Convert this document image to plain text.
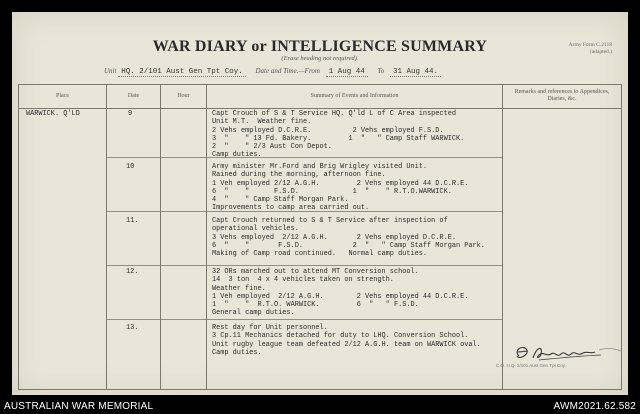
WAR DIARY or INTELLIGENCE SUMMARY
(Erase heading not required).
Army Form C.2118
(adapted.)
Unit HQ. 2/101 Aust Gen Tpt Coy. Date and Time.—From 1 Aug 44 To 31 Aug 44.
Place	Date	Hour	Summary of Events and Information
Remarks and references to Appendices, Diaries, &c.
WARWICK. Q'LD	9	Capt Crouch of S & T Service HQ. Q'ld L of C Area inspected
Unit M.T.  Weather fine.
2 Vehs employed D.C.R.E.          2 Vehs employed F.S.D.
3  "    " 13 Fd. Bakery.         1  "   " Camp Staff WARWICK.
2  "    " 2/3 Aust Con Depot.
Camp duties.
10	Army minister Mr.Ford and Brig Wrigley visited Unit.
Rained during the morning, afternoon fine.
1 Veh employed 2/12 A.G.H.         2 Vehs employed 44 D.C.R.E.
6  "    "      F.S.D.             1  "    " R.T.O.WARWICK.
4  "    " Camp Staff Morgan Park.
Improvements to camp area carried out.
11.	Capt Crouch returned to S & T Service after inspection of
operational vehicles.
3 Vehs employed  2/12 A.G.H.       2 Vehs employed D.C.R.E.
6  "    "       F.S.D.            2  "   " Camp Staff Morgan Park.
Making of Camp road continued.   Normal camp duties.
12.	32 ORs marched out to attend MT Conversion school.
14  3 ton  4 x 4 vehicles taken on strength.
Weather fine.
1 Veh employed  2/12 A.G.H.        2 Vehs employed 44 D.C.R.E.
1  "    "  R.T.O. WARWICK.         6  "   " F.S.D.
General camp duties.
13.	Rest day for Unit personnel.
3 Cp.11 Mechanics detached for duty to LHQ. Conversion School.
Unit rugby league team defeated 2/12 A.G.H. team on WARWICK oval.
Camp duties.
C.O. H.Q. 2/101 Aust Gen Tpt Coy.
AUSTRALIAN WAR MEMORIAL	AWM2021.62.582
